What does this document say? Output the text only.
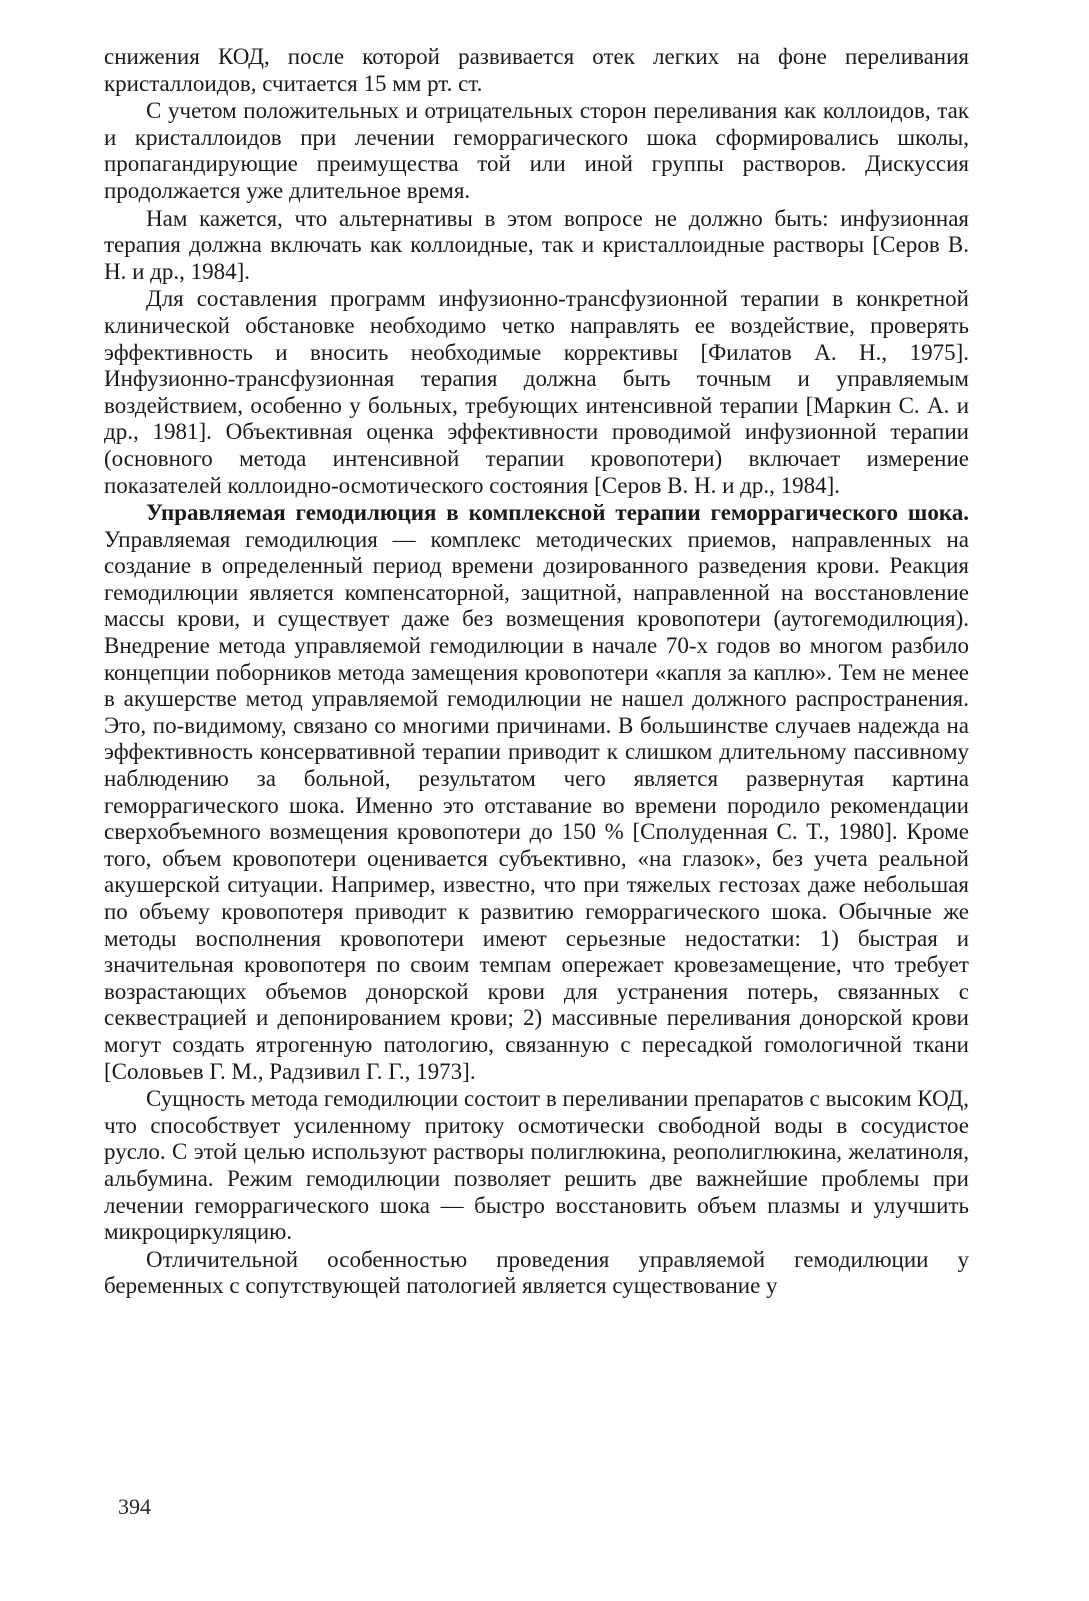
снижения КОД, после которой развивается отек легких на фоне переливания кристаллоидов, считается 15 мм рт. ст.

С учетом положительных и отрицательных сторон переливания как коллоидов, так и кристаллоидов при лечении геморрагического шока сформировались школы, пропагандирующие преимущества той или иной группы растворов. Дискуссия продолжается уже длительное время.

Нам кажется, что альтернативы в этом вопросе не должно быть: инфузионная терапия должна включать как коллоидные, так и кристаллоидные растворы [Серов В. Н. и др., 1984].

Для составления программ инфузионно-трансфузионной терапии в конкретной клинической обстановке необходимо четко направлять ее воздействие, проверять эффективность и вносить необходимые коррективы [Филатов А. Н., 1975]. Инфузионно-трансфузионная терапия должна быть точным и управляемым воздействием, особенно у больных, требующих интенсивной терапии [Маркин С. А. и др., 1981]. Объективная оценка эффективности проводимой инфузионной терапии (основного метода интенсивной терапии кровопотери) включает измерение показателей коллоидно-осмотического состояния [Серов В. Н. и др., 1984].

Управляемая гемодилюция в комплексной терапии геморрагического шока. Управляемая гемодилюция — комплекс методических приемов, направленных на создание в определенный период времени дозированного разведения крови. Реакция гемодилюции является компенсаторной, защитной, направленной на восстановление массы крови, и существует даже без возмещения кровопотери (аутогемодилюция). Внедрение метода управляемой гемодилюции в начале 70-х годов во многом разбило концепции поборников метода замещения кровопотери «капля за каплю». Тем не менее в акушерстве метод управляемой гемодилюции не нашел должного распространения. Это, по-видимому, связано со многими причинами. В большинстве случаев надежда на эффективность консервативной терапии приводит к слишком длительному пассивному наблюдению за больной, результатом чего является развернутая картина геморрагического шока. Именно это отставание во времени породило рекомендации сверхобъемного возмещения кровопотери до 150 % [Сполуденная С. Т., 1980]. Кроме того, объем кровопотери оценивается субъективно, «на глазок», без учета реальной акушерской ситуации. Например, известно, что при тяжелых гестозах даже небольшая по объему кровопотеря приводит к развитию геморрагического шока. Обычные же методы восполнения кровопотери имеют серьезные недостатки: 1) быстрая и значительная кровопотеря по своим темпам опережает кровезамещение, что требует возрастающих объемов донорской крови для устранения потерь, связанных с секвестрацией и депонированием крови; 2) массивные переливания донорской крови могут создать ятрогенную патологию, связанную с пересадкой гомологичной ткани [Соловьев Г. М., Радзивил Г. Г., 1973].

Сущность метода гемодилюции состоит в переливании препаратов с высоким КОД, что способствует усиленному притоку осмотически свободной воды в сосудистое русло. С этой целью используют растворы полиглюкина, реополиглюкина, желатиноля, альбумина. Режим гемодилюции позволяет решить две важнейшие проблемы при лечении геморрагического шока — быстро восстановить объем плазмы и улучшить микроциркуляцию.

Отличительной особенностью проведения управляемой гемодилюции у беременных с сопутствующей патологией является существование у

394
